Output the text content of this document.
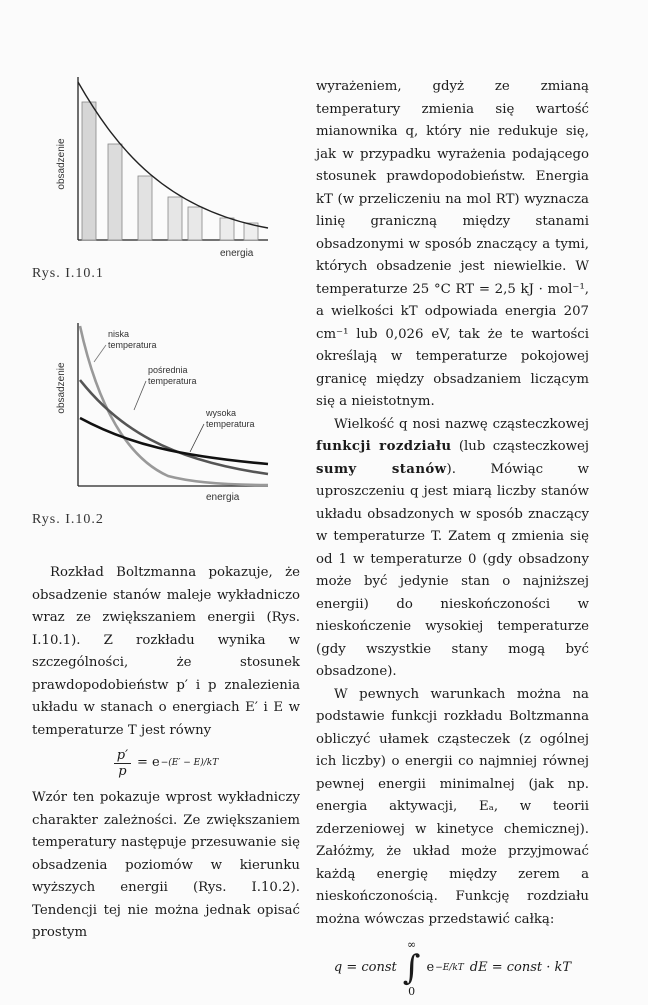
obsadzenie
energia
Rys. I.10.1
niska
temperatura
pośrednia
temperatura
wysoka
temperatura
obsadzenie
energia
Rys. I.10.2

Rozkład Boltzmanna pokazuje, że obsadzenie stanów maleje wykładniczo wraz ze zwiększaniem energii (Rys. I.10.1). Z rozkładu wynika w szczególności, że stosunek prawdopodobieństw p′ i p znalezienia układu w stanach o energiach E′ i E w temperaturze T jest równy

$\frac{p'}{p} = e -(E' - E)/kT$

Wzór ten pokazuje wprost wykładniczy charakter zależności. Ze zwiększaniem temperatury następuje przesuwanie się obsadzenia poziomów w kierunku wyższych energii (Rys. I.10.2). Tendencji tej nie można jednak opisać prostym

wyrażeniem, gdyż ze zmianą temperatury zmienia się wartość mianownika q, który nie redukuje się, jak w przypadku wyrażenia podającego stosunek prawdopodobieństw. Energia kT (w przeliczeniu na mol RT) wyznacza linię graniczną między stanami obsadzonymi w sposób znaczący a tymi, których obsadzenie jest niewielkie. W temperaturze 25 °C RT = 2,5 kJ · mol⁻¹, a wielkości kT odpowiada energia 207 cm⁻¹ lub 0,026 eV, tak że te wartości określają w temperaturze pokojowej granicę między obsadzaniem liczącym się a nieistotnym.

Wielkość q nosi nazwę cząsteczkowej funkcji rozdziału (lub cząsteczkowej sumy stanów). Mówiąc w uproszczeniu q jest miarą liczby stanów układu obsadzonych w sposób znaczący w temperaturze T. Zatem q zmienia się od 1 w temperaturze 0 (gdy obsadzony może być jedynie stan o najniższej energii) do nieskończoności w nieskończenie wysokiej temperaturze (gdy wszystkie stany mogą być obsadzone).

W pewnych warunkach można na podstawie funkcji rozkładu Boltzmanna obliczyć ułamek cząsteczek (z ogólnej ich liczby) o energii co najmniej równej pewnej energii minimalnej (jak np. energia aktywacji, Eₐ, w teorii zderzeniowej w kinetyce chemicznej). Załóżmy, że układ może przyjmować każdą energię między zerem a nieskończonością. Funkcję rozdziału można wówczas przedstawić całką:

q = const
∞
∫
0
e −E/kT dE = const · kT
